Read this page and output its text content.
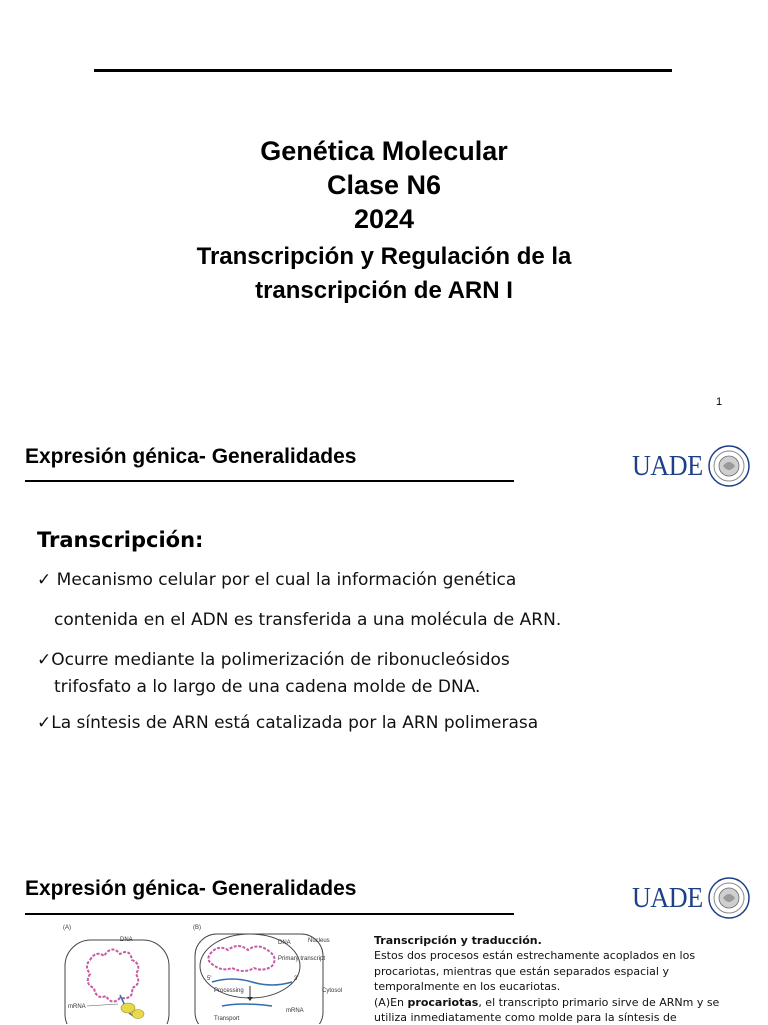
Genética Molecular
Clase N6
2024
Transcripción y Regulación de la
transcripción de ARN I
1
Expresión génica- Generalidades	UADE
Transcripción:
✓ Mecanismo celular por el cual la información genética
contenida en el ADN es transferida a una molécula de ARN.
✓Ocurre mediante la polimerización de ribonucleósidos
trifosfato a lo largo de una cadena molde de DNA.
✓La síntesis de ARN está catalizada por la ARN polimerasa
Expresión génica- Generalidades	UADE
(A)
DNA
mRNA
(B)
DNA	Nucleus
Primary transcript
5'	3'
Processing	Cytosol
mRNA
Transport
Transcripción y traducción.
Estos dos procesos están estrechamente acoplados en los
procariotas, mientras que están separados espacial y
temporalmente en los eucariotas.
(A)En procariotas, el transcripto primario sirve de ARNm y se
utiliza inmediatamente como molde para la síntesis de
